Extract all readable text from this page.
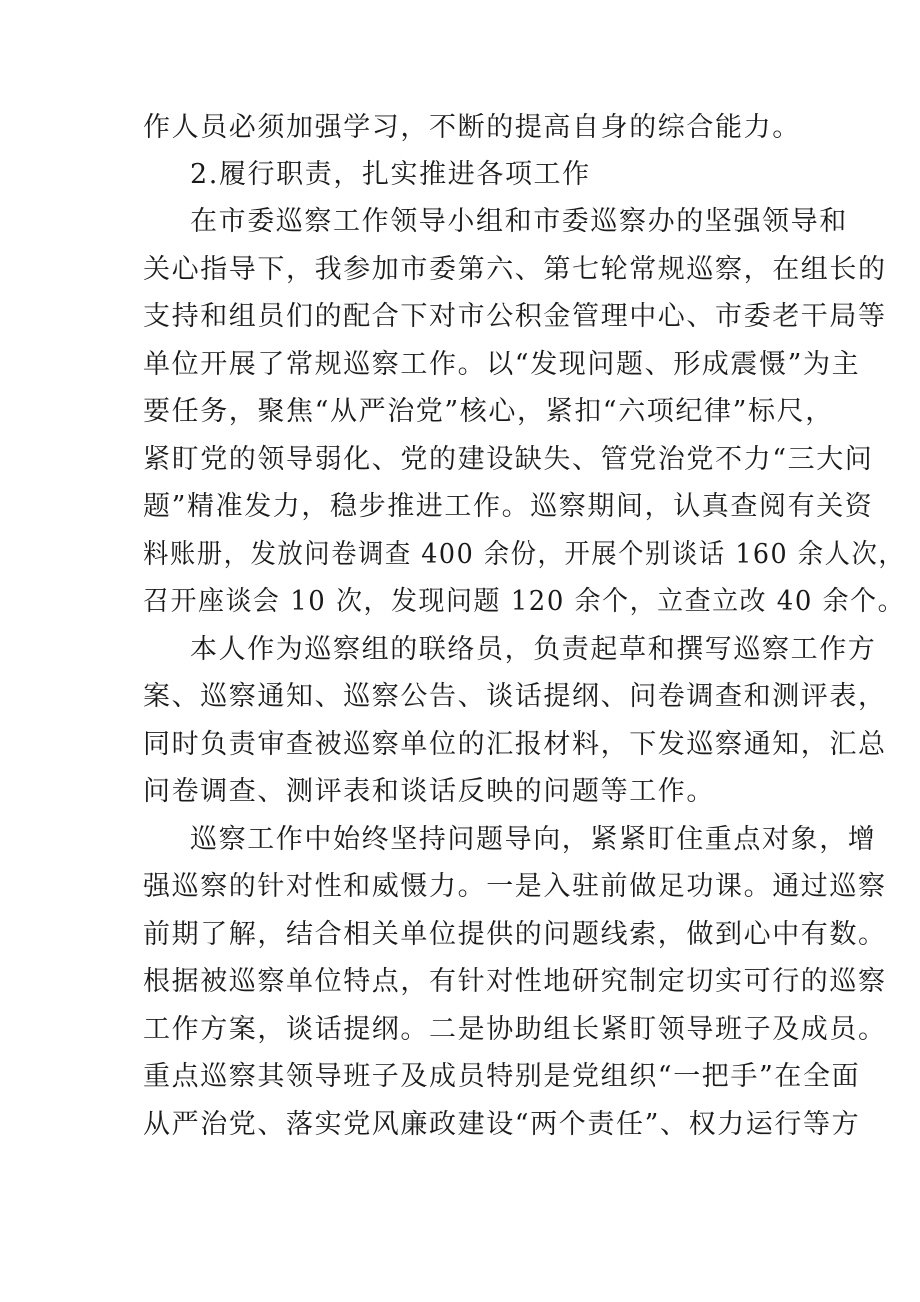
作人员必须加强学习，不断的提高自身的综合能力。
2.履行职责，扎实推进各项工作
在市委巡察工作领导小组和市委巡察办的坚强领导和
关心指导下，我参加市委第六、第七轮常规巡察，在组长的
支持和组员们的配合下对市公积金管理中心、市委老干局等
单位开展了常规巡察工作。以“发现问题、形成震慑”为主
要任务，聚焦“从严治党”核心，紧扣“六项纪律”标尺，
紧盯党的领导弱化、党的建设缺失、管党治党不力“三大问
题”精准发力，稳步推进工作。巡察期间，认真查阅有关资
料账册，发放问卷调查 400 余份，开展个别谈话 160 余人次，
召开座谈会 10 次，发现问题 120 余个，立查立改 40 余个。
本人作为巡察组的联络员，负责起草和撰写巡察工作方
案、巡察通知、巡察公告、谈话提纲、问卷调查和测评表，
同时负责审查被巡察单位的汇报材料，下发巡察通知，汇总
问卷调查、测评表和谈话反映的问题等工作。
巡察工作中始终坚持问题导向，紧紧盯住重点对象，增
强巡察的针对性和威慑力。一是入驻前做足功课。通过巡察
前期了解，结合相关单位提供的问题线索，做到心中有数。
根据被巡察单位特点，有针对性地研究制定切实可行的巡察
工作方案，谈话提纲。二是协助组长紧盯领导班子及成员。
重点巡察其领导班子及成员特别是党组织“一把手”在全面
从严治党、落实党风廉政建设“两个责任”、权力运行等方
